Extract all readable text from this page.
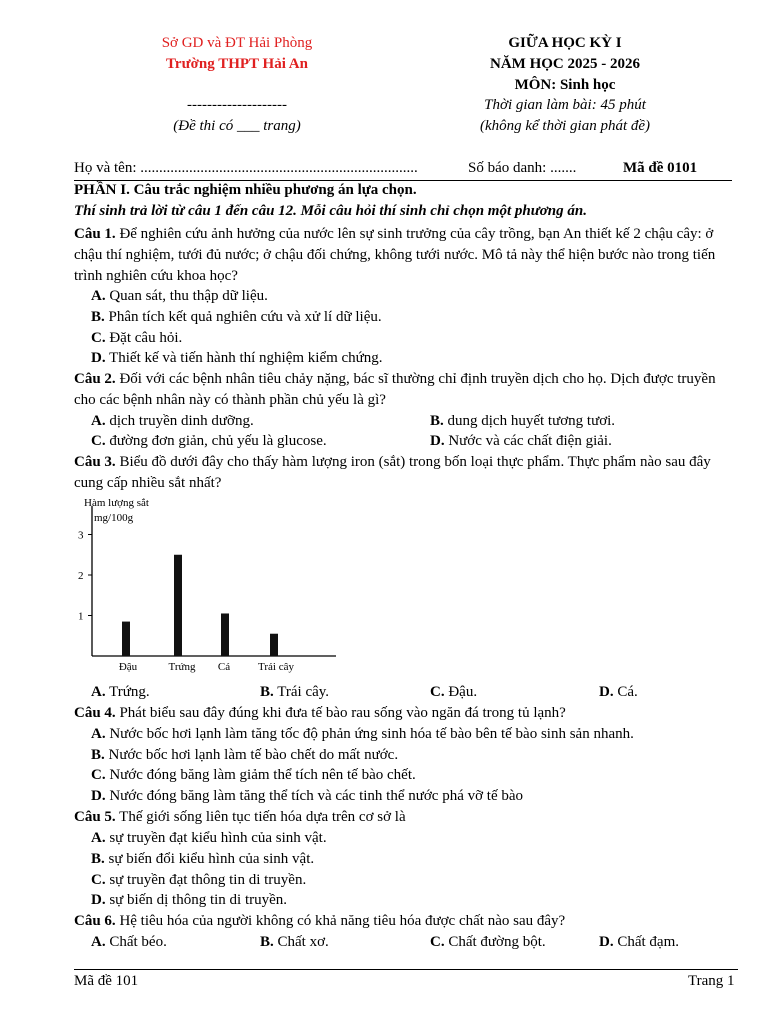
Sở GD và ĐT Hải Phòng
Trường THPT Hải An
--------------------
(Đề thi có ___ trang)
GIỮA HỌC KỲ I
NĂM HỌC 2025 - 2026
MÔN: Sinh học
Thời gian làm bài: 45 phút
(không kể thời gian phát đề)
Họ và tên: ..........................................................................	Số báo danh: .......	Mã đề 0101
PHẦN I. Câu trắc nghiệm nhiều phương án lựa chọn.
Thí sinh trả lời từ câu 1 đến câu 12. Mỗi câu hỏi thí sinh chỉ chọn một phương án.
Câu 1. Để nghiên cứu ảnh hưởng của nước lên sự sinh trưởng của cây trồng, bạn An thiết kế 2 chậu cây: ở chậu thí nghiệm, tưới đủ nước; ở chậu đối chứng, không tưới nước. Mô tả này thể hiện bước nào trong tiến trình nghiên cứu khoa học?
A. Quan sát, thu thập dữ liệu.
B. Phân tích kết quả nghiên cứu và xử lí dữ liệu.
C. Đặt câu hỏi.
D. Thiết kế và tiến hành thí nghiệm kiểm chứng.
Câu 2. Đối với các bệnh nhân tiêu chảy nặng, bác sĩ thường chỉ định truyền dịch cho họ. Dịch được truyền cho các bệnh nhân này có thành phần chủ yếu là gì?
A. dịch truyền dinh dưỡng.	B. dung dịch huyết tương tươi.
C. đường đơn giản, chủ yếu là glucose.	D. Nước và các chất điện giải.
Câu 3. Biểu đồ dưới đây cho thấy hàm lượng iron (sắt) trong bốn loại thực phẩm. Thực phẩm nào sau đây cung cấp nhiều sắt nhất?
Hàm lượng sắt
mg/100g
1
2
3
Đậu	Trứng Cá	Trái cây
A. Trứng.	B. Trái cây.	C. Đậu.	D. Cá.
Câu 4. Phát biểu sau đây đúng khi đưa tế bào rau sống vào ngăn đá trong tủ lạnh?
A. Nước bốc hơi lạnh làm tăng tốc độ phản ứng sinh hóa tế bào bên tế bào sinh sản nhanh.
B. Nước bốc hơi lạnh làm tế bào chết do mất nước.
C. Nước đóng băng làm giảm thể tích nên tế bào chết.
D. Nước đóng băng làm tăng thể tích và các tinh thể nước phá vỡ tế bào
Câu 5. Thế giới sống liên tục tiến hóa dựa trên cơ sở là
A. sự truyền đạt kiểu hình của sinh vật.
B. sự biến đổi kiểu hình của sinh vật.
C. sự truyền đạt thông tin di truyền.
D. sự biến dị thông tin di truyền.
Câu 6. Hệ tiêu hóa của người không có khả năng tiêu hóa được chất nào sau đây?
A. Chất béo.	B. Chất xơ.	C. Chất đường bột.	D. Chất đạm.
Mã đề 101	Trang 1
